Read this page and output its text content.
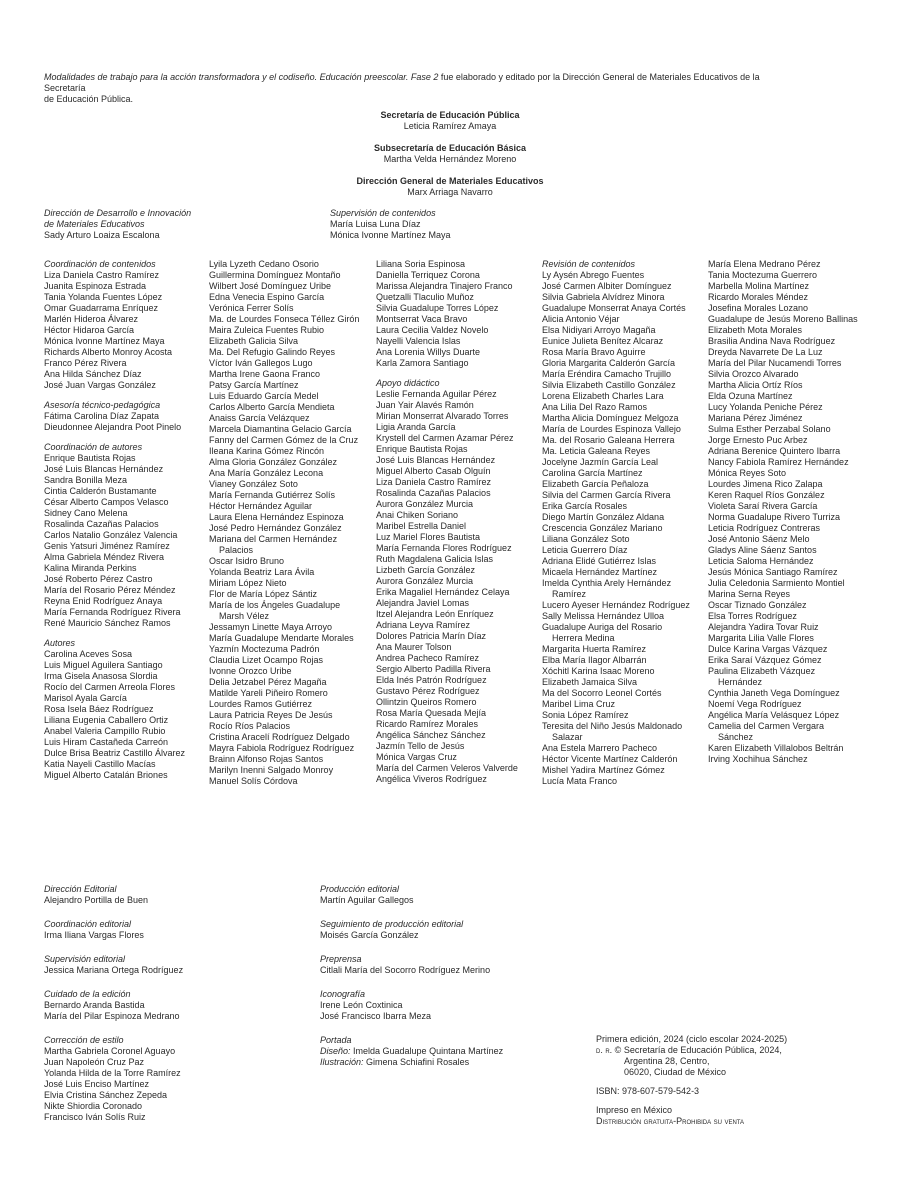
Modalidades de trabajo para la acción transformadora y el codiseño. Educación preescolar. Fase 2 fue elaborado y editado por la Dirección General de Materiales Educativos de la Secretaría
de Educación Pública.
Secretaría de Educación Pública
Leticia Ramírez Amaya
Subsecretaría de Educación Básica
Martha Velda Hernández Moreno
Dirección General de Materiales Educativos
Marx Arriaga Navarro
Dirección de Desarrollo e Innovación
de Materiales Educativos
Sady Arturo Loaiza Escalona
Supervisión de contenidos
María Luisa Luna Díaz
Mónica Ivonne Martínez Maya
Coordinación de contenidos
Liza Daniela Castro Ramírez
Juanita Espinoza Estrada
Tania Yolanda Fuentes López
Omar Guadarrama Enríquez
Marlén Hideroa Álvarez
Héctor Hidaroa García
Mónica Ivonne Martínez Maya
Richards Alberto Monroy Acosta
Franco Pérez Rivera
Ana Hilda Sánchez Díaz
José Juan Vargas González
Asesoría técnico-pedagógica
Fátima Carolina Díaz Zapata
Dieudonnee Alejandra Poot Pinelo
Coordinación de autores
Enrique Bautista Rojas
José Luis Blancas Hernández
Sandra Bonilla Meza
Cintia Calderón Bustamante
César Alberto Campos Velasco
Sidney Cano Melena
Rosalinda Cazañas Palacios
Carlos Natalio González Valencia
Genis Yatsuri Jiménez Ramírez
Alma Gabriela Méndez Rivera
Kalina Miranda Perkins
José Roberto Pérez Castro
María del Rosario Pérez Méndez
Reyna Enid Rodríguez Anaya
María Fernanda Rodríguez Rivera
René Mauricio Sánchez Ramos
Autores
Carolina Aceves Sosa
Luis Miguel Aguilera Santiago
Irma Gisela Anasosa Slordia
Rocío del Carmen Arreola Flores
Marisol Ayala García
Rosa Isela Báez Rodríguez
Liliana Eugenia Caballero Ortiz
Anabel Valeria Campillo Rubio
Luis Hiram Castañeda Carreón
Dulce Brisa Beatriz Castillo Álvarez
Katia Nayeli Castillo Macías
Miguel Alberto Catalán Briones
Lyila Lyzeth Cedano Osorio
Guillermina Domínguez Montaño
Wilbert José Domínguez Uribe
Edna Venecia Espino García
Verónica Ferrer Solís
Ma. de Lourdes Fonseca Téllez Girón
Maira Zuleica Fuentes Rubio
Elizabeth Galicia Silva
Ma. Del Refugio Galindo Reyes
Víctor Iván Gallegos Lugo
Martha Irene Gaona Franco
Patsy García Martínez
Luis Eduardo García Medel
Carlos Alberto García Mendieta
Anaiss García Velázquez
Marcela Diamantina Gelacio García
Fanny del Carmen Gómez de la Cruz
Ileana Karina Gómez Rincón
Alma Gloria González González
Ana María González Lecona
Vianey González Soto
María Fernanda Gutiérrez Solís
Héctor Hernández Aguilar
Laura Elena Hernández Espinoza
José Pedro Hernández González
Mariana del Carmen Hernández
Palacios
Oscar Isidro Bruno
Yolanda Beatriz Lara Ávila
Miriam López Nieto
Flor de María López Sántiz
María de los Ángeles Guadalupe
Marsh Vélez
Jessamyn Linette Maya Arroyo
María Guadalupe Mendarte Morales
Yazmín Moctezuma Padrón
Claudia Lizet Ocampo Rojas
Ivonne Orozco Uribe
Delia Jetzabel Pérez Magaña
Matilde Yareli Piñeiro Romero
Lourdes Ramos Gutiérrez
Laura Patricia Reyes De Jesús
Rocío Ríos Palacios
Cristina Aracelí Rodríguez Delgado
Mayra Fabiola Rodríguez Rodríguez
Brainn Alfonso Rojas Santos
Marilyn Inenni Salgado Monroy
Manuel Solís Córdova
Liliana Soria Espinosa
Daniella Terriquez Corona
Marissa Alejandra Tinajero Franco
Quetzalli Tlaculio Muñoz
Silvia Guadalupe Torres López
Montserrat Vaca Bravo
Laura Cecilia Valdez Novelo
Nayelli Valencia Islas
Ana Lorenia Willys Duarte
Karla Zamora Santiago
Apoyo didáctico
Leslie Fernanda Aguilar Pérez
Juan Yair Alavés Ramón
Mirian Monserrat Alvarado Torres
Ligia Aranda García
Krystell del Carmen Azamar Pérez
Enrique Bautista Rojas
José Luis Blancas Hernández
Miguel Alberto Casab Olguín
Liza Daniela Castro Ramírez
Rosalinda Cazañas Palacios
Aurora González Murcia
Anai Chiken Soriano
Maribel Estrella Daniel
Luz Mariel Flores Bautista
María Fernanda Flores Rodríguez
Ruth Magdalena Galicia Islas
Lizbeth García González
Aurora González Murcia
Erika Magaliel Hernández Celaya
Alejandra Javiel Lomas
Itzel Alejandra León Enríquez
Adriana Leyva Ramírez
Dolores Patricia Marín Díaz
Ana Maurer Tolson
Andrea Pacheco Ramírez
Sergio Alberto Padilla Rivera
Elda Inés Patrón Rodríguez
Gustavo Pérez Rodríguez
Ollintzin Queiros Romero
Rosa María Quesada Mejía
Ricardo Ramírez Morales
Angélica Sánchez Sánchez
Jazmín Tello de Jesús
Mónica Vargas Cruz
María del Carmen Veleros Valverde
Angélica Viveros Rodríguez
Revisión de contenidos
Ly Aysén Abrego Fuentes
José Carmen Albiter Domínguez
Silvia Gabriela Alvídrez Minora
Guadalupe Monserrat Anaya Cortés
Alicia Antonio Véjar
Elsa Nidiyari Arroyo Magaña
Eunice Julieta Benítez Alcaraz
Rosa María Bravo Aguirre
Gloria Margarita Calderón García
María Eréndira Camacho Trujillo
Silvia Elizabeth Castillo González
Lorena Elizabeth Charles Lara
Ana Lilia Del Razo Ramos
Martha Alicia Domínguez Melgoza
María de Lourdes Espinoza Vallejo
Ma. del Rosario Galeana Herrera
Ma. Leticia Galeana Reyes
Jocelyne Jazmín García Leal
Carolina García Martínez
Elizabeth García Peñaloza
Silvia del Carmen García Rivera
Erika García Rosales
Diego Martín González Aldana
Crescencia González Mariano
Liliana González Soto
Leticia Guerrero Díaz
Adriana Elidé Gutiérrez Islas
Micaela Hernández Martínez
Imelda Cynthia Arely Hernández
Ramírez
Lucero Ayeser Hernández Rodríguez
Sally Melissa Hernández Ulloa
Guadalupe Auriga del Rosario
Herrera Medina
Margarita Huerta Ramírez
Elba María Ilagor Albarrán
Xóchitl Karina Isaac Moreno
Elizabeth Jamaica Silva
Ma del Socorro Leonel Cortés
Maribel Lima Cruz
Sonia López Ramírez
Teresita del Niño Jesús Maldonado
Salazar
Ana Estela Marrero Pacheco
Héctor Vicente Martínez Calderón
Mishel Yadira Martínez Gómez
Lucía Mata Franco
María Elena Medrano Pérez
Tania Moctezuma Guerrero
Marbella Molina Martínez
Ricardo Morales Méndez
Josefina Morales Lozano
Guadalupe de Jesús Moreno Ballinas
Elizabeth Mota Morales
Brasilia Andina Nava Rodríguez
Dreyda Navarrete De La Luz
María del Pilar Nucamendi Torres
Silvia Orozco Alvarado
Martha Alicia Ortíz Ríos
Elda Ozuna Martínez
Lucy Yolanda Peniche Pérez
Mariana Pérez Jiménez
Sulma Esther Perzabal Solano
Jorge Ernesto Puc Arbez
Adriana Berenice Quintero Ibarra
Nancy Fabiola Ramírez Hernández
Mónica Reyes Soto
Lourdes Jimena Rico Zalapa
Keren Raquel Ríos González
Violeta Saraí Rivera García
Norma Guadalupe Rivero Turriza
Leticia Rodríguez Contreras
José Antonio Sáenz Melo
Gladys Aline Sáenz Santos
Leticia Saloma Hernández
Jesús Mónica Santiago Ramírez
Julia Celedonia Sarmiento Montiel
Marina Serna Reyes
Oscar Tiznado González
Elsa Torres Rodríguez
Alejandra Yadira Tovar Ruiz
Margarita Lilia Valle Flores
Dulce Karina Vargas Vázquez
Erika Saraí Vázquez Gómez
Paulina Elizabeth Vázquez
Hernández
Cynthia Janeth Vega Domínguez
Noemí Vega Rodríguez
Angélica María Velásquez López
Camelia del Carmen Vergara
Sánchez
Karen Elizabeth Villalobos Beltrán
Irving Xochihua Sánchez
Dirección Editorial
Alejandro Portilla de Buen
Coordinación editorial
Irma Iliana Vargas Flores
Supervisión editorial
Jessica Mariana Ortega Rodríguez
Cuidado de la edición
Bernardo Aranda Bastida
María del Pilar Espinoza Medrano
Corrección de estilo
Martha Gabriela Coronel Aguayo
Juan Napoleón Cruz Paz
Yolanda Hilda de la Torre Ramírez
José Luis Enciso Martínez
Elvia Cristina Sánchez Zepeda
Nikte Shiordia Coronado
Francisco Iván Solís Ruiz
Producción editorial
Martín Aguilar Gallegos
Seguimiento de producción editorial
Moisés García González
Preprensa
Citlali María del Socorro Rodríguez Merino
Iconografía
Irene León Coxtinica
José Francisco Ibarra Meza
Portada
Diseño: Imelda Guadalupe Quintana Martínez
Ilustración: Gimena Schiafini Rosales
Primera edición, 2024 (ciclo escolar 2024-2025)
d. r. © Secretaría de Educación Pública, 2024,
Argentina 28, Centro,
06020, Ciudad de México
ISBN: 978-607-579-542-3
Impreso en México
Distribución gratuita-Prohibida su venta
